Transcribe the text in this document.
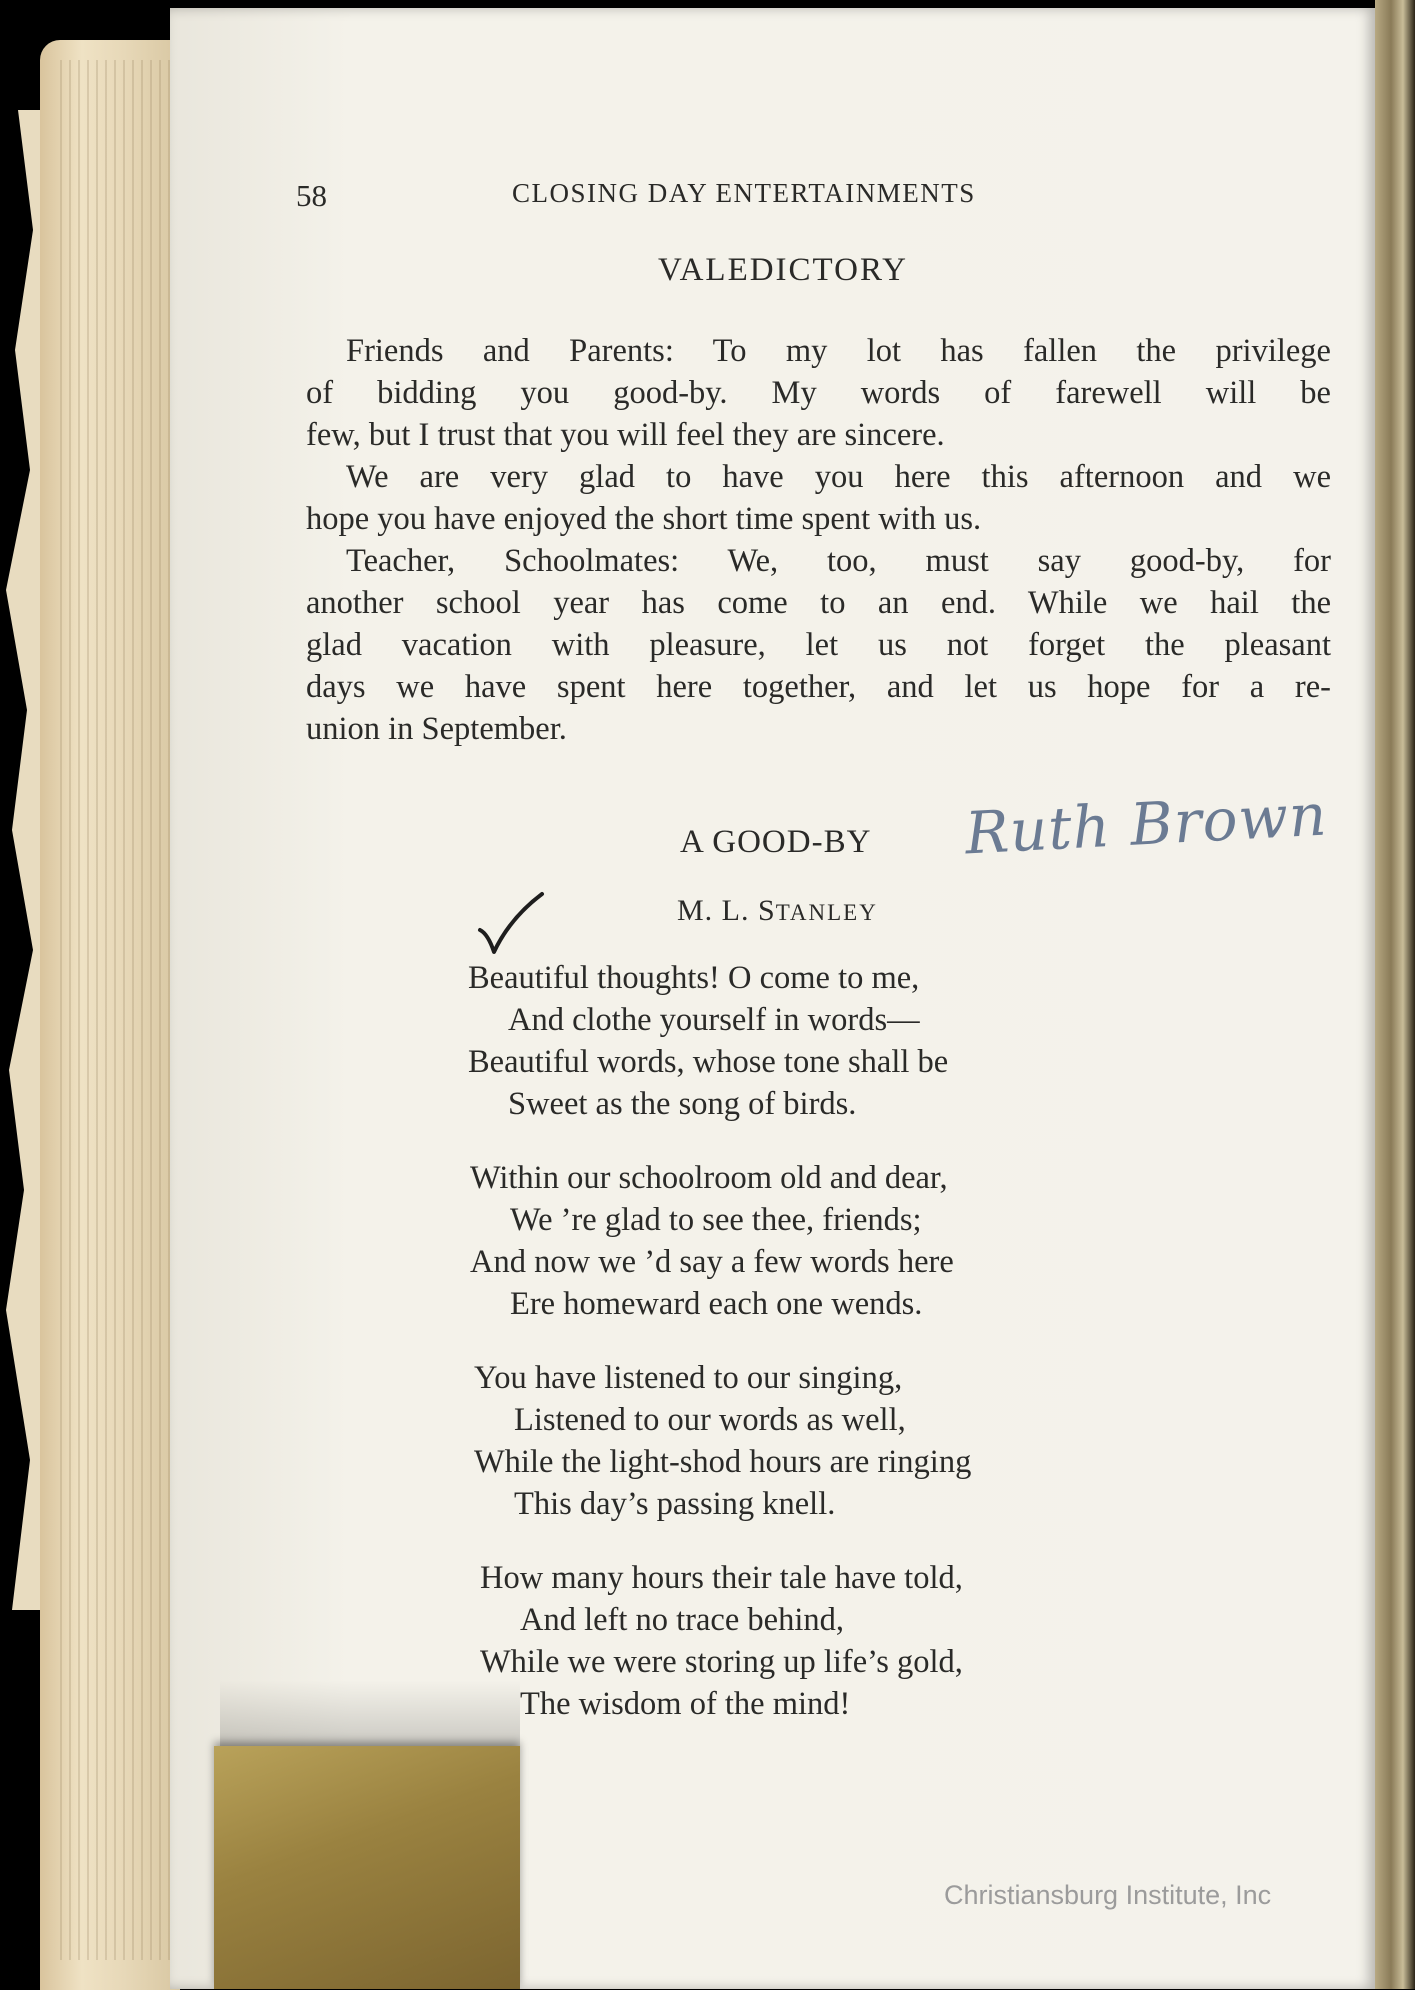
58	CLOSING DAY ENTERTAINMENTS
VALEDICTORY
Friends and Parents: To my lot has fallen the privilege
of bidding you good-by. My words of farewell will be
few, but I trust that you will feel they are sincere.
We are very glad to have you here this afternoon and we
hope you have enjoyed the short time spent with us.
Teacher, Schoolmates: We, too, must say good-by, for
another school year has come to an end. While we hail the
glad vacation with pleasure, let us not forget the pleasant
days we have spent here together, and let us hope for a re-
union in September.
A GOOD-BY Ruth Brown
M. L. STANLEY
Beautiful thoughts! O come to me,
And clothe yourself in words—
Beautiful words, whose tone shall be
Sweet as the song of birds.
Within our schoolroom old and dear,
We ’re glad to see thee, friends;
And now we ’d say a few words here
Ere homeward each one wends.
You have listened to our singing,
Listened to our words as well,
While the light-shod hours are ringing
This day’s passing knell.
How many hours their tale have told,
And left no trace behind,
While we were storing up life’s gold,
The wisdom of the mind!
Christiansburg Institute, Inc
